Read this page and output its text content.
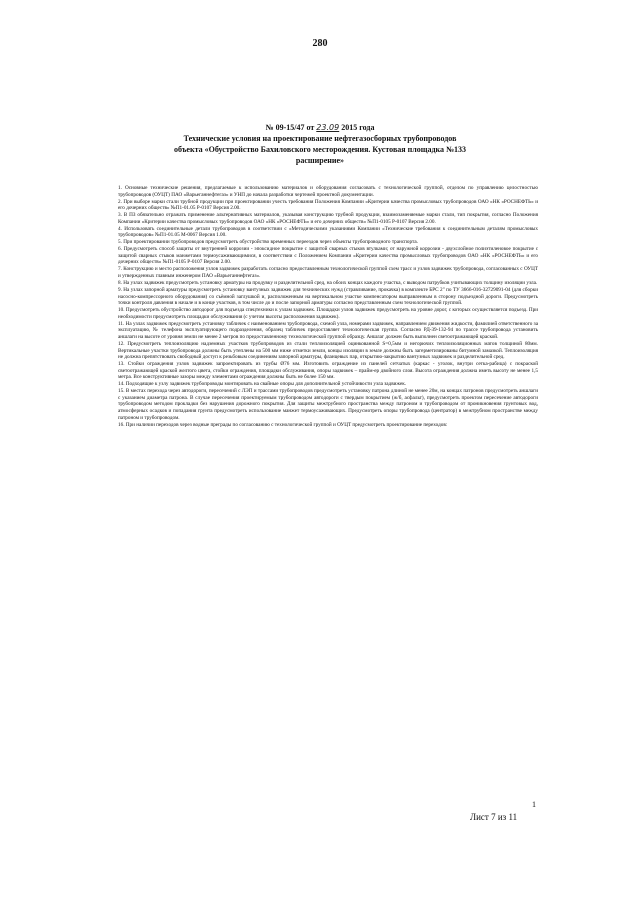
280
№ 09-15/47 от 23.09 2015 года
Технические условия на проектирование нефтегазосборных трубопроводов
объекта «Обустройство Бахиловского месторождения. Кустовая площадка №133
расширение»

1. Основные технические решения, предлагаемые к использованию материалов и оборудования согласовать с технологической группой, отделом по управлению целостностью трубопроводов (ОУЦТ) ПАО «Варьеганнефтегаз» и УНП до начала разработки чертежей проектной документации.

2. При выборе марки стали трубной продукции при проектировании учесть требования Положения Компании «Критерии качества промысловых трубопроводов ОАО «НК «РОСНЕФТЬ» и его дочерних обществ» №П1-01.05 Р-0107 Версия 2.00.

3. В ПЗ обязательно отражать применение альтернативных материалов, указывая конструкцию трубной продукции, взаимозаменяемые марки стали, тип покрытия, согласно Положения Компании «Критерии качества промысловых трубопроводов ОАО «НК «РОСНЕФТЬ» и его дочерних обществ» №П1-0105 Р-0107 Версия 2.00.

4. Использовать соединительные детали трубопроводов в соответствии с «Методическими указаниями Компании «Технические требования к соединительным деталям промысловых трубопроводов» №П1-01.05 М-0067 Версия 1.00.

5. При проектировании трубопроводов предусмотреть обустройство временных переездов через объекты трубопроводного транспорта.

6. Предусмотреть способ защиты от внутренней коррозии - эпоксидное покрытие с защитой сварных стыков втулками; от наружной коррозии - двухслойное полиэтиленовое покрытие с защитой сварных стыков манжетами термоусаживающимися, в соответствии с Положением Компании «Критерии качества промысловых трубопроводов ОАО «НК «РОСНЕФТЬ» и его дочерних обществ» №П1-0105 Р-0107 Версия 2.00.

7. Конструкцию и место расположения узлов задвижек разработать согласно предоставленным технологической группой схем трасс и узлов задвижек трубопровода, согласованных с ОУЦТ и утвержденных главным инженером ПАО «Варьеганнефтегаз».

8. На узлах задвижек предусмотреть установку арматуры на продувку и разделительной сред, на обоих концах каждого участка, с выводом патрубков учитывающих толщину изоляции узла.

9. На узлах запорной арматуры предусмотреть установку вантузных задвижек для технических нужд (стравливание, прокачка) в комплекте БРС 2" по ТУ 3666-016-32729091-04 (для сборки насосно-компрессорного оборудования) со съёмной заглушкой и, расположенным на вертикальном участке компенсатором выправленным в сторону подъездной дороги. Предусмотреть точки контроля давления в начале и в конце участков, в том числе до и после запорной арматуры согласно представленным схем технологической группой.

10. Предусмотреть обустройство автодорог для подъезда спецтехники к узлам задвижек. Площадки узлов задвижек предусмотреть на уровне дорог, с которых осуществляется подъезд. При необходимости предусмотреть площадки обслуживания (с учетом высоты расположения задвижек).

11. На узлах задвижек предусмотреть установку табличек с наименованием трубопровода, схемой узла, номерами задвижек, направлением движения жидкости, фамилией ответственного за эксплуатацию, № телефона эксплуатирующего подразделения, образец табличек предоставляет технологическая группа. Согласно РД-39-132-94 по трассе трубопровода установить аншлаги на высоте от уровня земли не менее 2 метров по предоставленному технологической группой образцу. Аншлаг должен быть выполнен светоотражающей краской.

12. Предусмотреть теплоизоляцию надземных участков трубопроводов из стали теплоизоляцией оцинкованной S=0,5мм и негорючих теплоизоляционных матов толщиной 80мм. Вертикальные участки трубопровода должны быть утеплены на 500 мм ниже отметки земли, концы изоляции в земле должны быть загерметизированы битумной замазкой. Теплоизоляция не должна препятствовать свободный доступ к резьбовым соединениям запорной арматуры, фланцевых пар, открытию-закрытию вантузных задвижек и разделительной сред.

13. Стойки ограждения узлов задвижек запроектировать из трубы Ø76 мм. Изготовить ограждение из панелей сетчатых (каркас - уголок, внутри сетка-рабица) с покраской светоотражающей краской желтого цвета, стойки ограждения, площадки обслуживания, опоры задвижек – прайм-ер двойного слоя. Высота ограждения должна иметь высоту не менее 1,5 метра. Все конструктивные зазоры между элементами ограждения должны быть не более 150 мм.

14. Подходящие к узлу задвижек трубопроводы монтировать на свайные опоры для дополнительной устойчивости узла задвижек.

15. В местах перехода через автодороги, пересечений с ЛЭП и трассами трубопроводов предусмотреть установку патрона длиной не менее 20м, на концах патронов предусмотреть аншлаги с указанием диаметра патрона. В случае пересечения проектируемым трубопроводом автодороги с твердым покрытием (ж/б, асфальт), предусмотреть проектом пересечение автодороги трубопроводом методом прокладки без нарушения дорожного покрытия. Для защиты межтрубного пространства между патроном и трубопроводом от проникновения грунтовых вод, атмосферных осадков и попадания грунта предусмотреть использование манжет термоусаживающих. Предусмотреть опоры трубопровода (центратор) в межтрубном пространстве между патроном и трубопроводом.

16. При наличии переходов через водные преграды по согласованию с технологической группой и ОУЦТ предусмотреть проектирование переходов:

1
Лист 7 из 11
